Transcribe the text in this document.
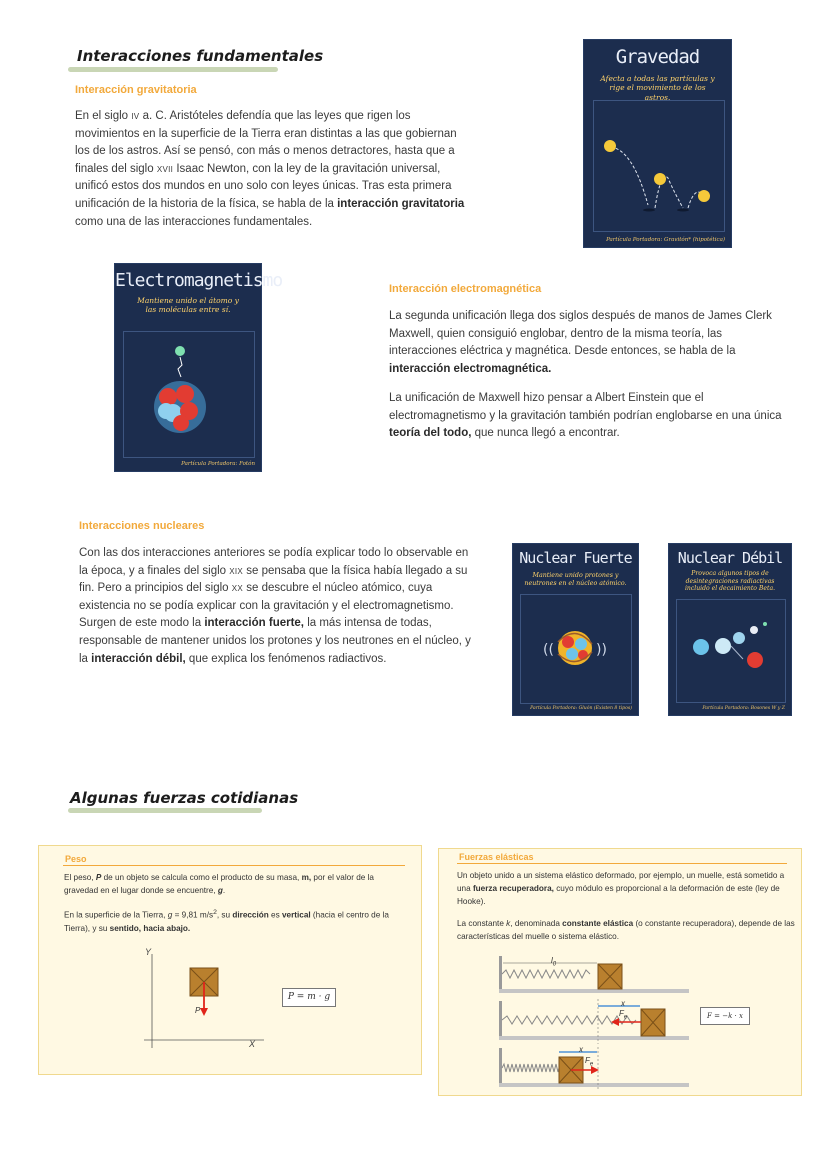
Interacciones fundamentales
Interacción gravitatoria
En el siglo IV a. C. Aristóteles defendía que las leyes que rigen los movimientos en la superficie de la Tierra eran distintas a las que gobiernan los de los astros. Así se pensó, con más o menos detractores, hasta que a finales del siglo XVII Isaac Newton, con la ley de la gravitación universal, unificó estos dos mundos en uno solo con leyes únicas. Tras esta primera unificación de la historia de la física, se habla de la interacción gravitatoria como una de las interacciones fundamentales.
Gravedad
Afecta a todas las partículas y rige el movimiento de los astros.
Partícula Portadora: Gravitón* (hipotética)
Electromagnetismo
Mantiene unido el átomo y las moléculas entre sí.
Partícula Portadora: Fotón
Interacción electromagnética
La segunda unificación llega dos siglos después de manos de James Clerk Maxwell, quien consiguió englobar, dentro de la misma teoría, las interacciones eléctrica y magnética. Desde entonces, se habla de la interacción electromagnética.
La unificación de Maxwell hizo pensar a Albert Einstein que el electromagnetismo y la gravitación también podrían englobarse en una única teoría del todo, que nunca llegó a encontrar.
Interacciones nucleares
Con las dos interacciones anteriores se podía explicar todo lo observable en la época, y a finales del siglo XIX se pensaba que la física había llegado a su fin. Pero a principios del siglo XX se descubre el núcleo atómico, cuya existencia no se podía explicar con la gravitación y el electromagnetismo. Surgen de este modo la interacción fuerte, la más intensa de todas, responsable de mantener unidos los protones y los neutrones en el núcleo, y la interacción débil, que explica los fenómenos radiactivos.
Nuclear Fuerte
Mantiene unido protones y neutrones en el núcleo atómico.
((	))
Partícula Portadora: Gluón (Existen 8 tipos)
Nuclear Débil
Provoca algunos tipos de desintegraciones radiactivas incluido el decaimiento Beta.
Partícula Portadora: Bosones W y Z
Algunas fuerzas cotidianas
Peso
El peso, P de un objeto se calcula como el producto de su masa, m, por el valor de la gravedad en el lugar donde se encuentre, g.
En la superficie de la Tierra, g = 9,81 $m/s^2$, su dirección es vertical (hacia el centro de la Tierra), y su sentido, hacia abajo.
Y
X
P
P = m · g
Fuerzas elásticas
Un objeto unido a un sistema elástico deformado, por ejemplo, un muelle, está sometido a una fuerza recuperadora, cuyo módulo es proporcional a la deformación de este (ley de Hooke).
La constante k, denominada constante elástica (o constante recuperadora), depende de las características del muelle o sistema elástico.
$l_0$
x
$F_e$
x
$F_e$
F = −k · x
